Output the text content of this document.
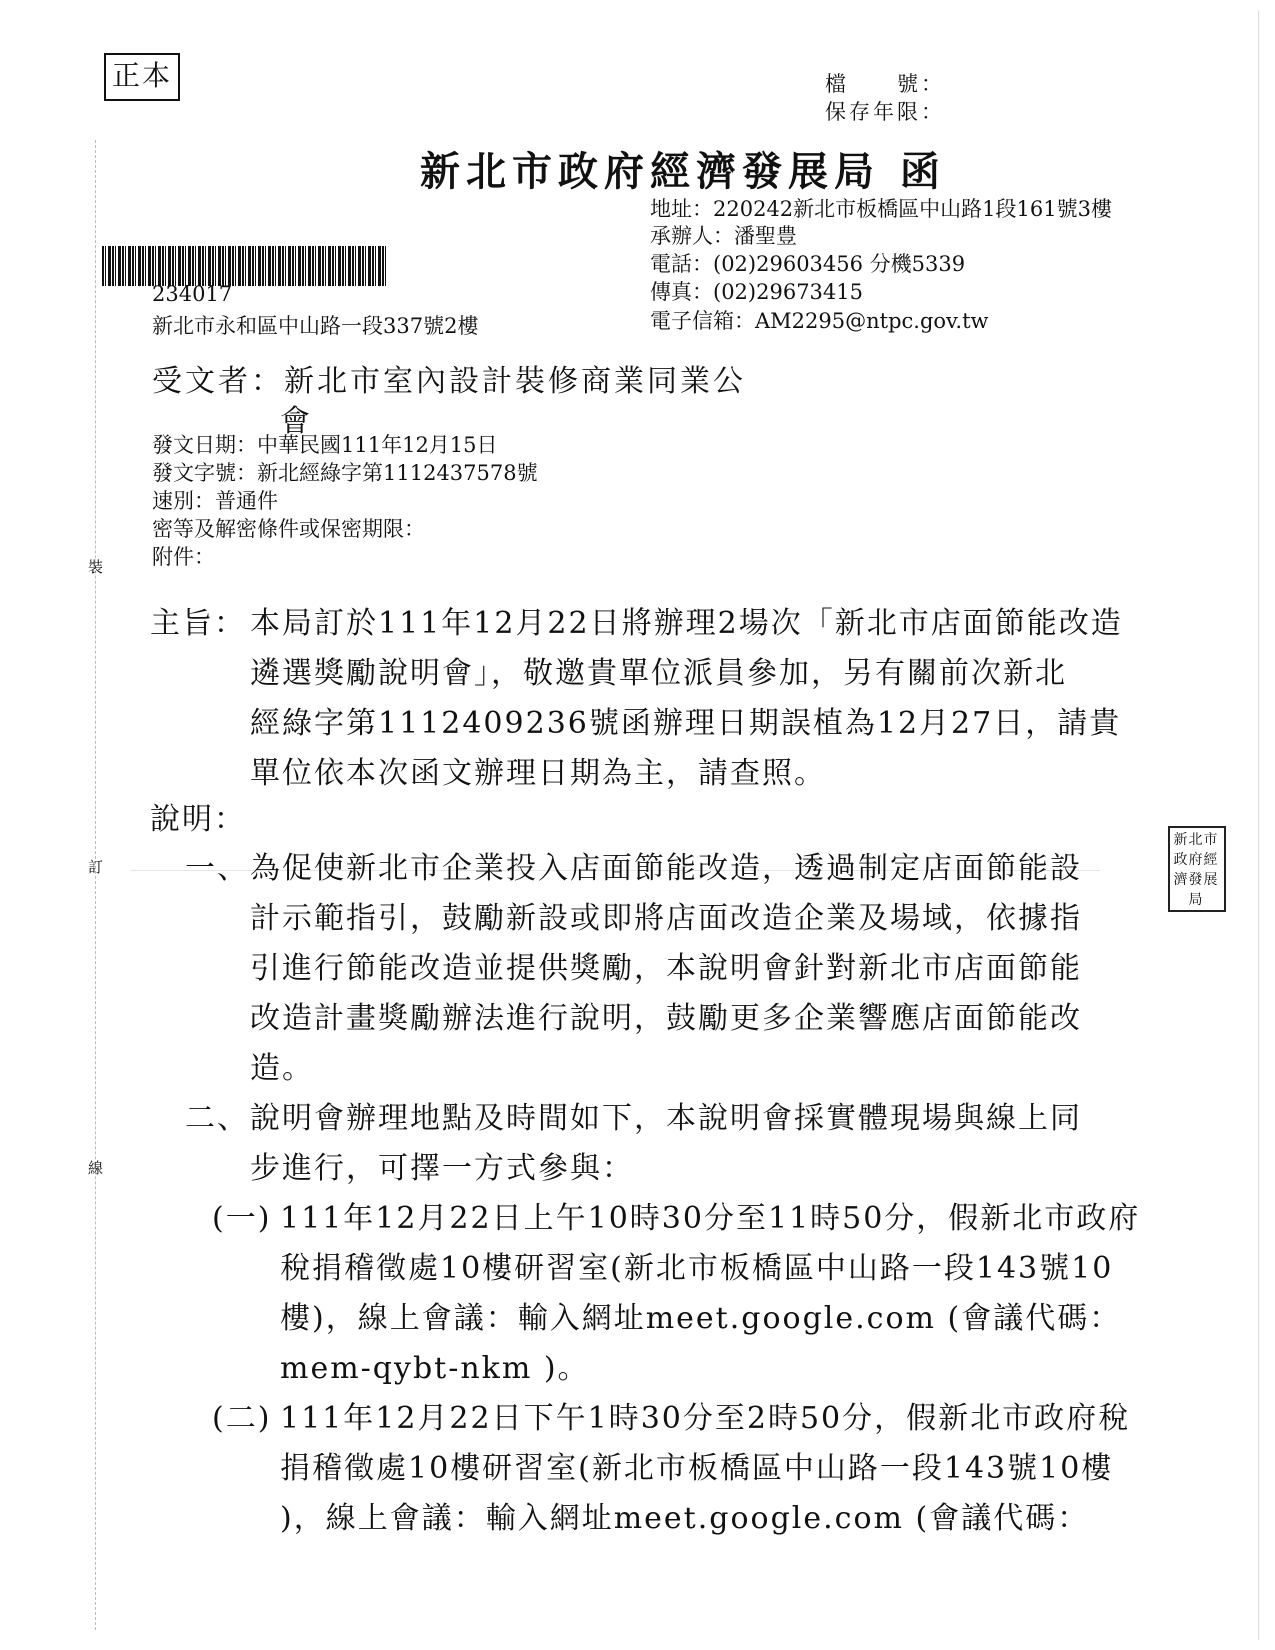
裝
訂
線
正本	檔　　號：
保存年限：
新北市政府經濟發展局 函
地址：220242新北市板橋區中山路1段161號3樓
承辦人：潘聖豊
電話：(02)29603456 分機5339
傳真：(02)29673415
電子信箱：AM2295@ntpc.gov.tw
234017
新北市永和區中山路一段337號2樓
受文者：新北市室內設計裝修商業同業公
會
發文日期：中華民國111年12月15日
發文字號：新北經綠字第1112437578號
速別：普通件
密等及解密條件或保密期限：
附件：
主旨： 本局訂於111年12月22日將辦理2場次「新北市店面節能改造
遴選獎勵說明會」，敬邀貴單位派員參加，另有關前次新北
經綠字第1112409236號函辦理日期誤植為12月27日，請貴
單位依本次函文辦理日期為主，請查照。
說明：
一、 為促使新北市企業投入店面節能改造，透過制定店面節能設
計示範指引，鼓勵新設或即將店面改造企業及場域，依據指
引進行節能改造並提供獎勵，本說明會針對新北市店面節能
改造計畫獎勵辦法進行說明，鼓勵更多企業響應店面節能改
造。
二、 說明會辦理地點及時間如下，本說明會採實體現場與線上同
步進行，可擇一方式參與：
(一) 111年12月22日上午10時30分至11時50分，假新北市政府
稅捐稽徵處10樓研習室(新北市板橋區中山路一段143號10
樓)，線上會議：輸入網址meet.google.com (會議代碼：
mem-qybt-nkm )。
(二) 111年12月22日下午1時30分至2時50分，假新北市政府稅
捐稽徵處10樓研習室(新北市板橋區中山路一段143號10樓
)，線上會議：輸入網址meet.google.com (會議代碼：
新北市政府經濟發展局
